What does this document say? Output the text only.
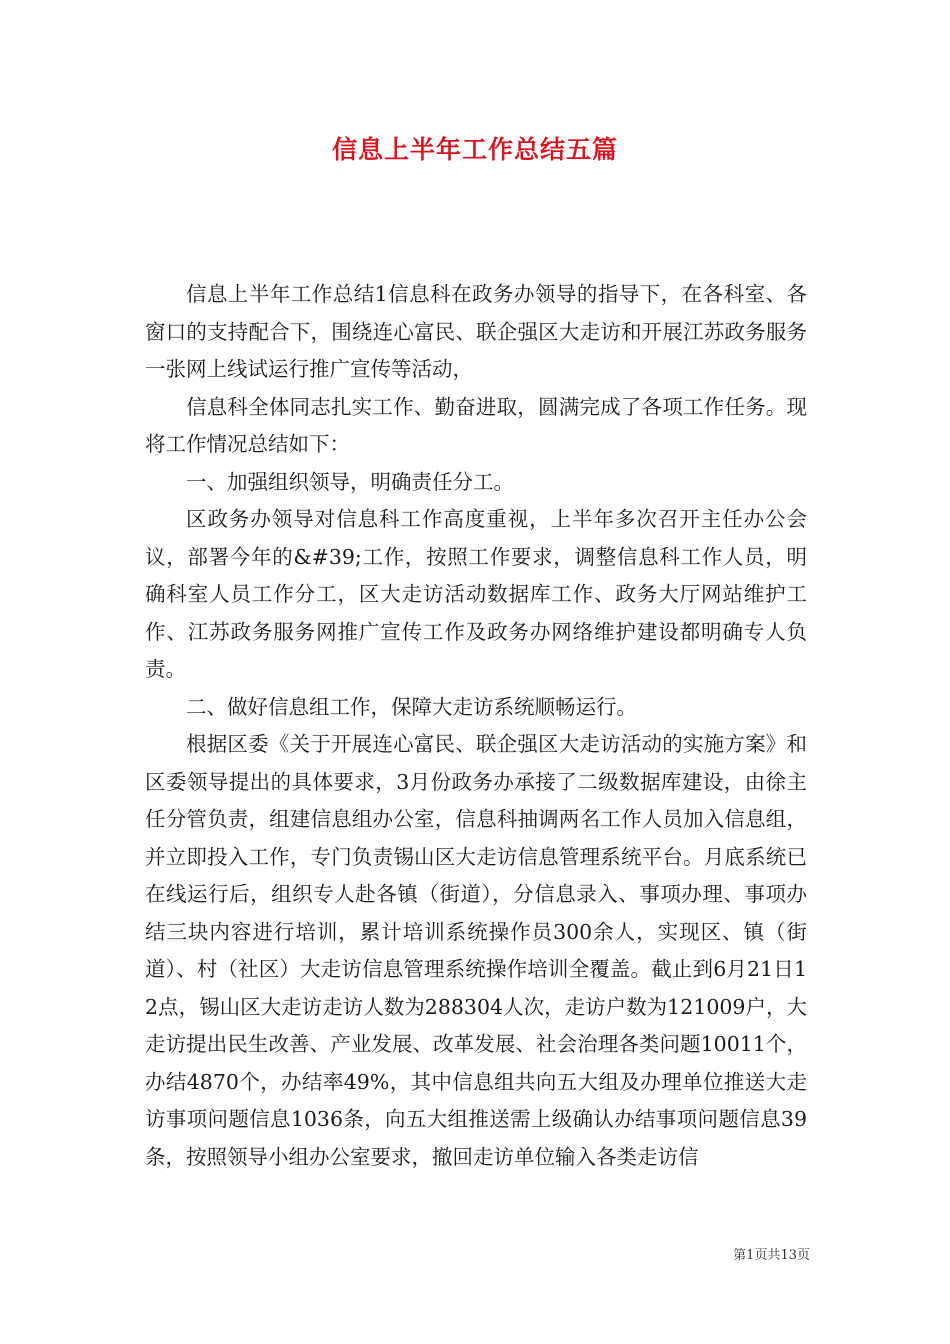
信息上半年工作总结五篇

信息上半年工作总结1信息科在政务办领导的指导下，在各科室、各窗口的支持配合下，围绕连心富民、联企强区大走访和开展江苏政务服务一张网上线试运行推广宣传等活动，

信息科全体同志扎实工作、勤奋进取，圆满完成了各项工作任务。现将工作情况总结如下：

一、加强组织领导，明确责任分工。

区政务办领导对信息科工作高度重视，上半年多次召开主任办公会议，部署今年的&#39;工作，按照工作要求，调整信息科工作人员，明确科室人员工作分工，区大走访活动数据库工作、政务大厅网站维护工作、江苏政务服务网推广宣传工作及政务办网络维护建设都明确专人负责。

二、做好信息组工作，保障大走访系统顺畅运行。

根据区委《关于开展连心富民、联企强区大走访活动的实施方案》和区委领导提出的具体要求，3月份政务办承接了二级数据库建设，由徐主任分管负责，组建信息组办公室，信息科抽调两名工作人员加入信息组，并立即投入工作，专门负责锡山区大走访信息管理系统平台。月底系统已在线运行后，组织专人赴各镇（街道），分信息录入、事项办理、事项办结三块内容进行培训，累计培训系统操作员300余人，实现区、镇（街道）、村（社区）大走访信息管理系统操作培训全覆盖。截止到6月21日12点，锡山区大走访走访人数为288304人次，走访户数为121009户，大走访提出民生改善、产业发展、改革发展、社会治理各类问题10011个，办结4870个，办结率49%，其中信息组共向五大组及办理单位推送大走访事项问题信息1036条，向五大组推送需上级确认办结事项问题信息39条，按照领导小组办公室要求，撤回走访单位输入各类走访信

第1页共13页
